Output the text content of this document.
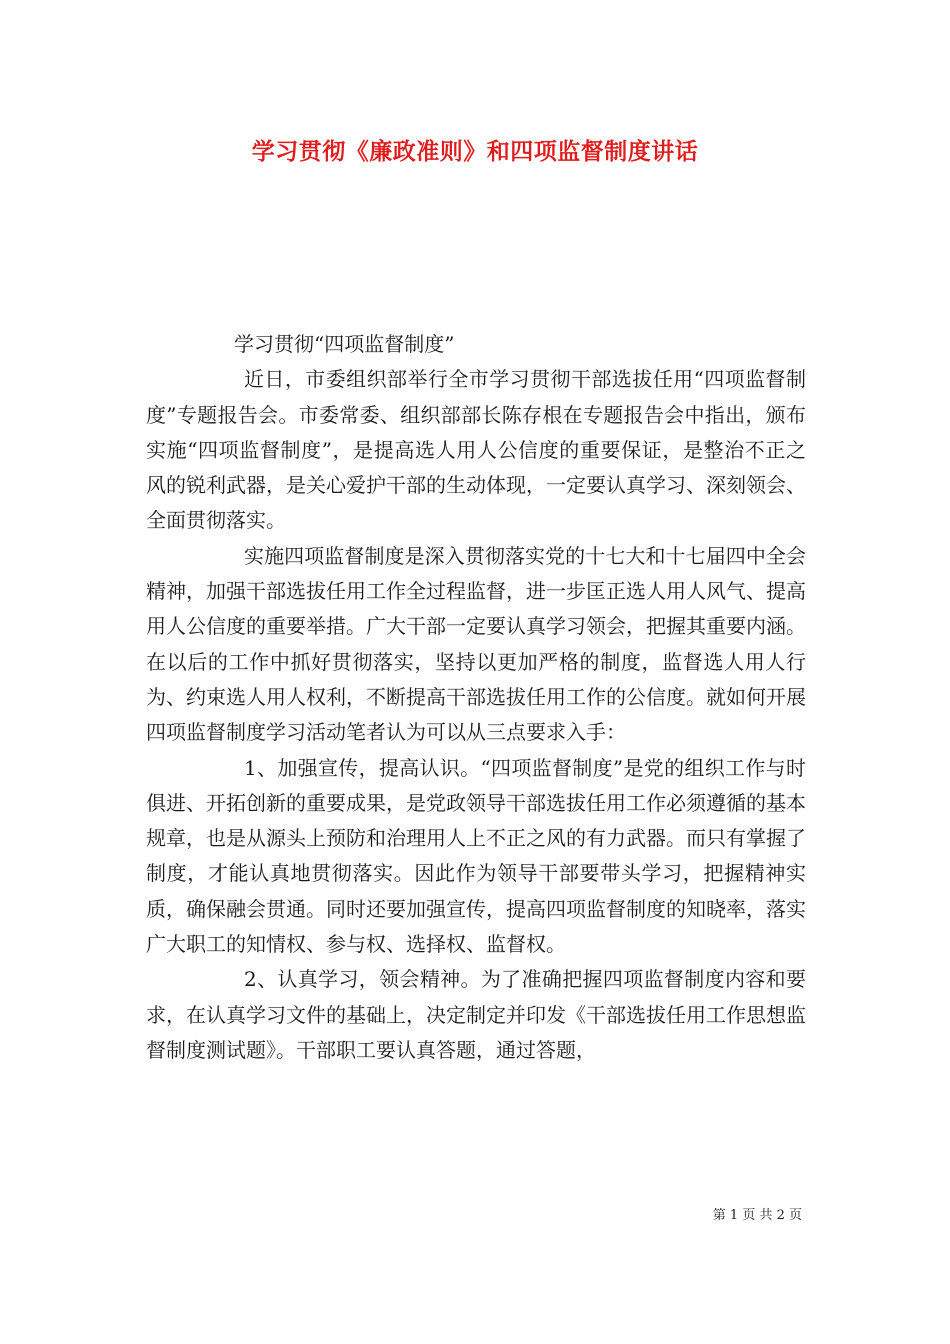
学习贯彻《廉政准则》和四项监督制度讲话

学习贯彻“四项监督制度”

近日，市委组织部举行全市学习贯彻干部选拔任用“四项监督制度”专题报告会。市委常委、组织部部长陈存根在专题报告会中指出，颁布实施“四项监督制度”，是提高选人用人公信度的重要保证，是整治不正之风的锐利武器，是关心爱护干部的生动体现，一定要认真学习、深刻领会、全面贯彻落实。

实施四项监督制度是深入贯彻落实党的十七大和十七届四中全会精神，加强干部选拔任用工作全过程监督，进一步匡正选人用人风气、提高用人公信度的重要举措。广大干部一定要认真学习领会，把握其重要内涵。在以后的工作中抓好贯彻落实，坚持以更加严格的制度，监督选人用人行为、约束选人用人权利，不断提高干部选拔任用工作的公信度。就如何开展四项监督制度学习活动笔者认为可以从三点要求入手：

1、加强宣传，提高认识。“四项监督制度”是党的组织工作与时俱进、开拓创新的重要成果，是党政领导干部选拔任用工作必须遵循的基本规章，也是从源头上预防和治理用人上不正之风的有力武器。而只有掌握了制度，才能认真地贯彻落实。因此作为领导干部要带头学习，把握精神实质，确保融会贯通。同时还要加强宣传，提高四项监督制度的知晓率，落实广大职工的知情权、参与权、选择权、监督权。

2、认真学习，领会精神。为了准确把握四项监督制度内容和要求，在认真学习文件的基础上，决定制定并印发《干部选拔任用工作思想监督制度测试题》。干部职工要认真答题，通过答题，

第 1 页 共 2 页
